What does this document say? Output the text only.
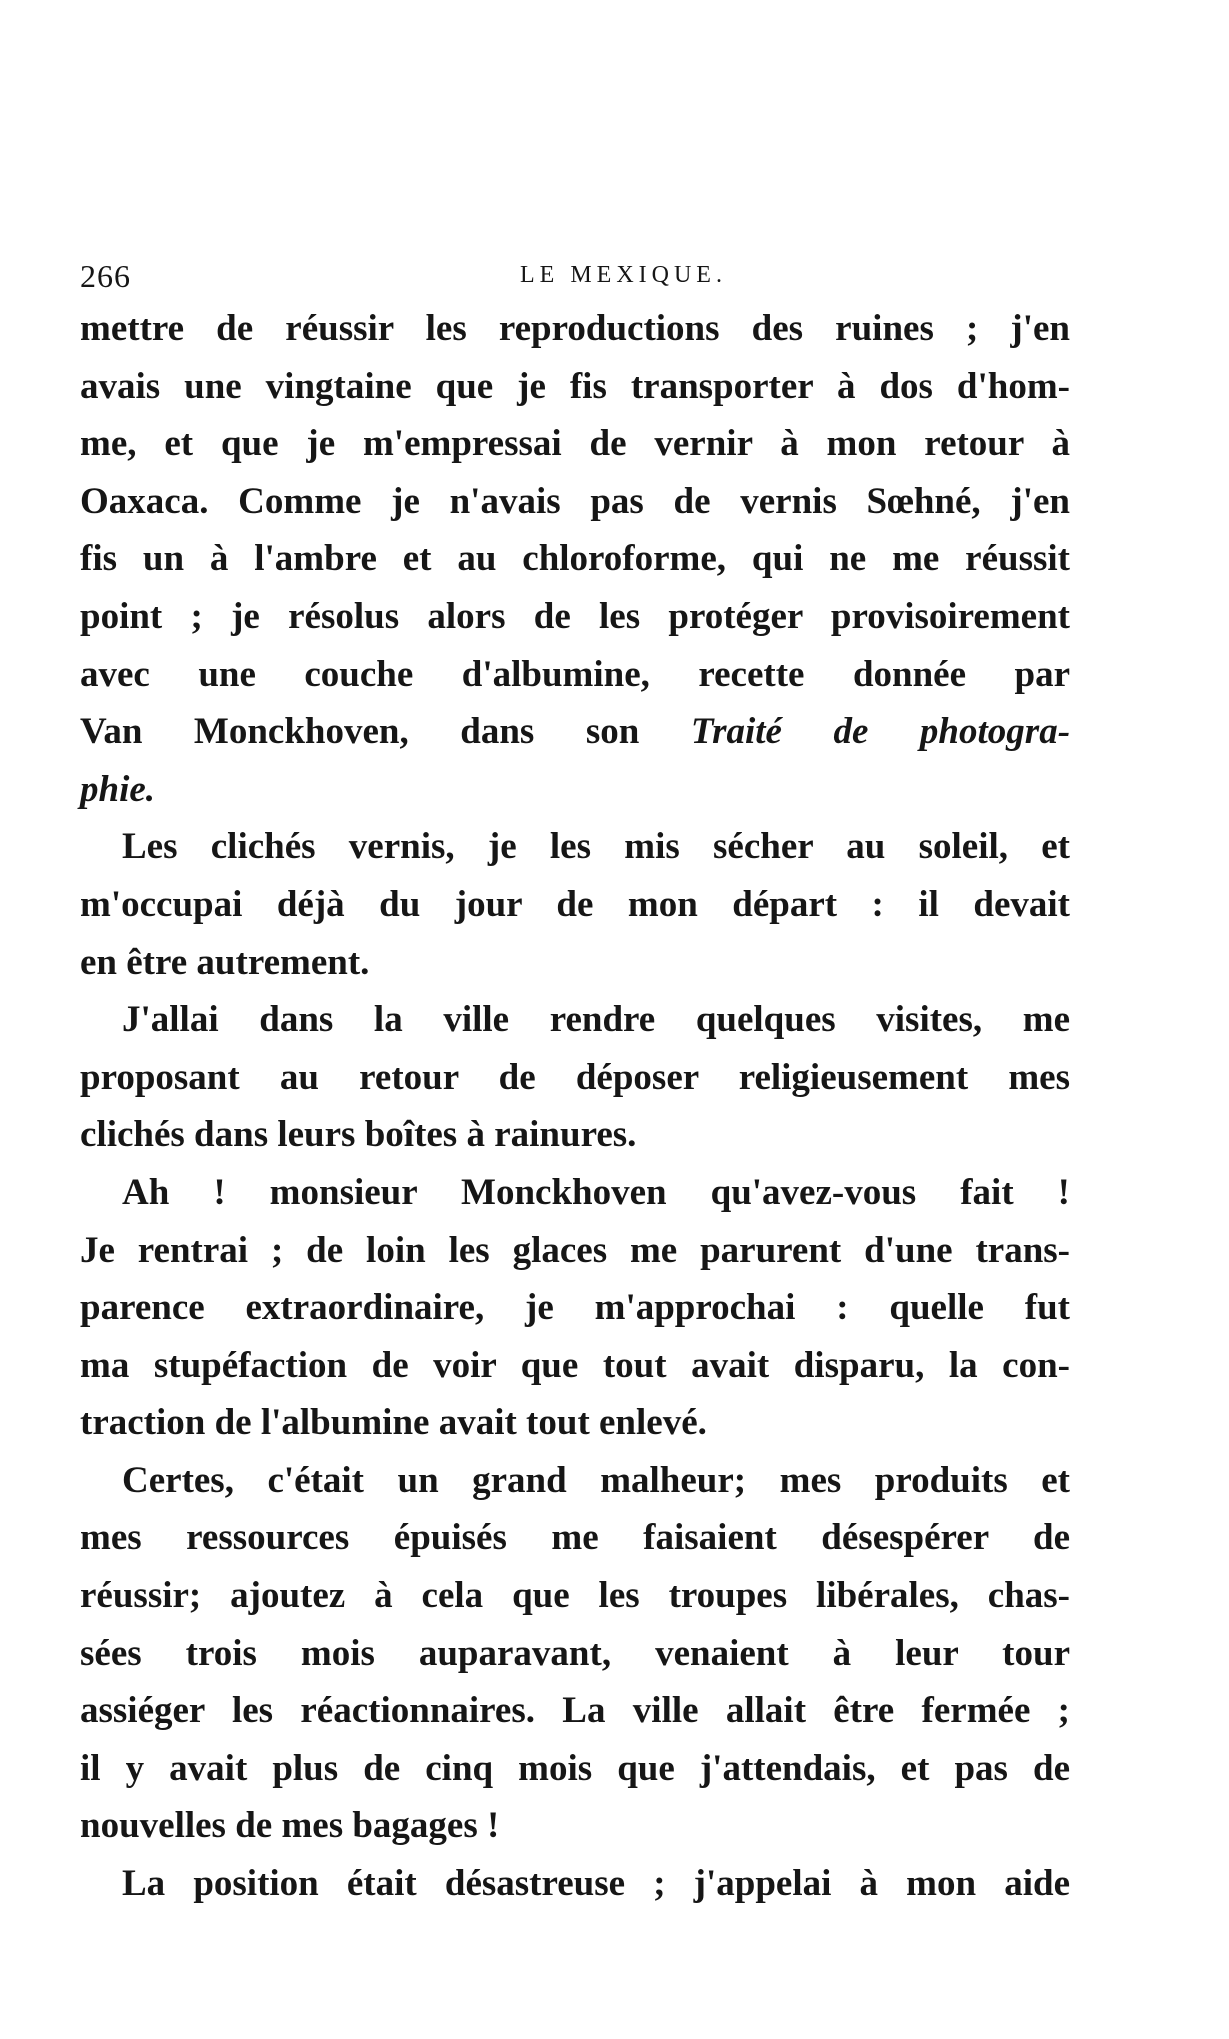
266	LE MEXIQUE.
mettre de réussir les reproductions des ruines ; j'en
avais une vingtaine que je fis transporter à dos d'hom-
me, et que je m'empressai de vernir à mon retour à
Oaxaca. Comme je n'avais pas de vernis Sœhné, j'en
fis un à l'ambre et au chloroforme, qui ne me réussit
point ; je résolus alors de les protéger provisoirement
avec une couche d'albumine, recette donnée par
Van Monckhoven, dans son Traité de photogra-
phie.
Les clichés vernis, je les mis sécher au soleil, et
m'occupai déjà du jour de mon départ : il devait
en être autrement.
J'allai dans la ville rendre quelques visites, me
proposant au retour de déposer religieusement mes
clichés dans leurs boîtes à rainures.
Ah ! monsieur Monckhoven qu'avez-vous fait !
Je rentrai ; de loin les glaces me parurent d'une trans-
parence extraordinaire, je m'approchai : quelle fut
ma stupéfaction de voir que tout avait disparu, la con-
traction de l'albumine avait tout enlevé.
Certes, c'était un grand malheur; mes produits et
mes ressources épuisés me faisaient désespérer de
réussir; ajoutez à cela que les troupes libérales, chas-
sées trois mois auparavant, venaient à leur tour
assiéger les réactionnaires. La ville allait être fermée ;
il y avait plus de cinq mois que j'attendais, et pas de
nouvelles de mes bagages !
La position était désastreuse ; j'appelai à mon aide
